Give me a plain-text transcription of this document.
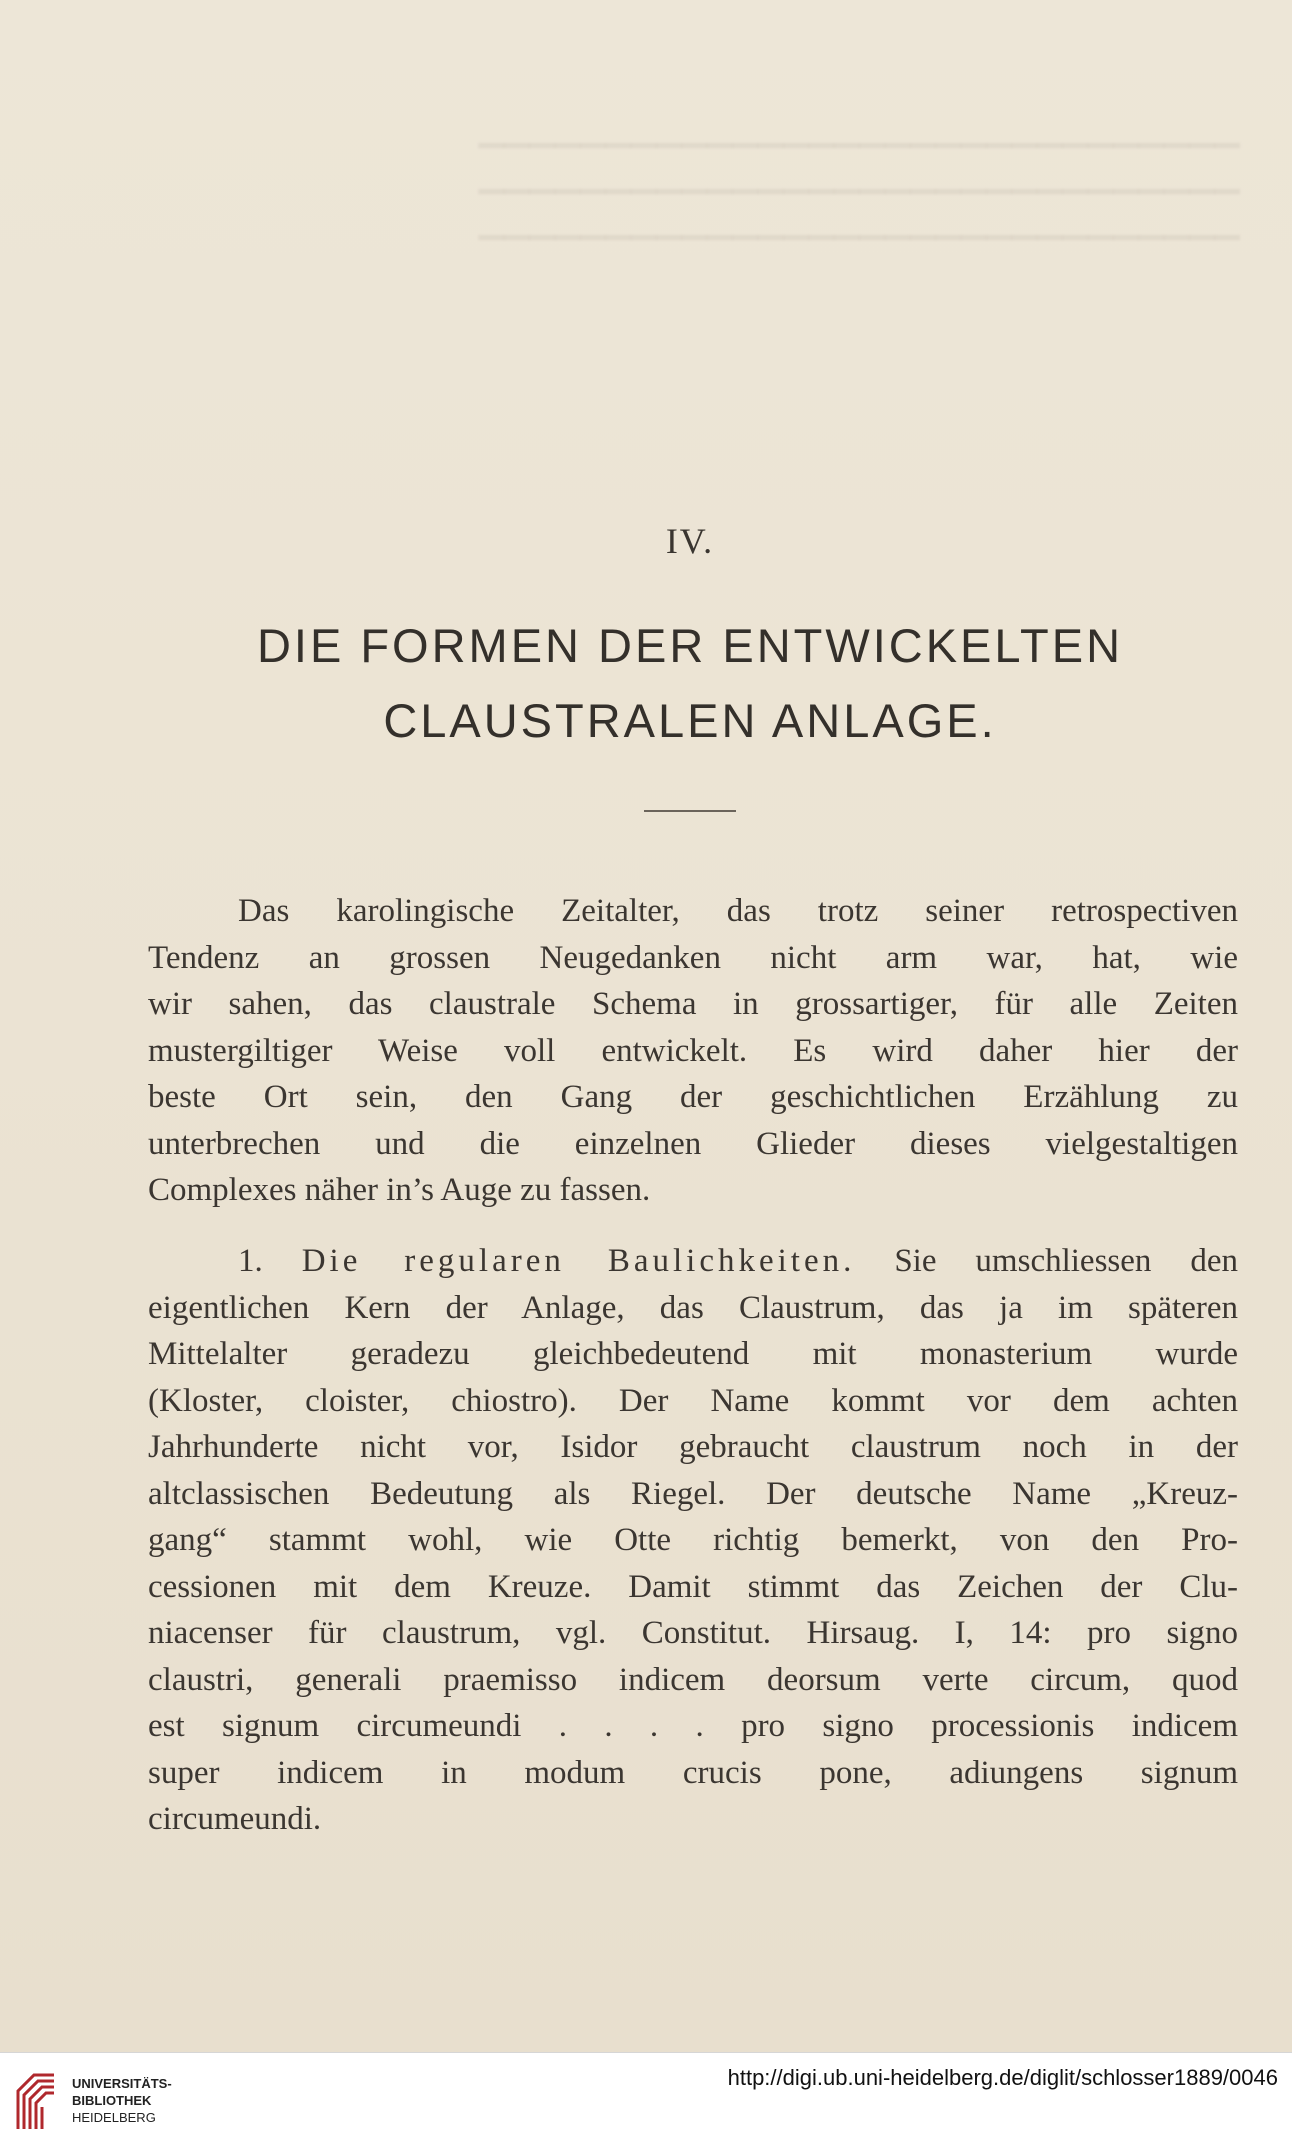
▔▔▔▔▔▔▔▔▔▔▔▔▔▔▔▔▔▔▔▔▔▔▔▔▔▔▔▔▔▔
▔▔▔▔▔▔▔▔▔▔▔▔▔▔▔▔▔▔▔▔▔▔▔▔▔▔▔▔▔▔
▔▔▔▔▔▔▔▔▔▔▔▔▔▔▔▔▔▔▔▔▔▔▔▔▔▔▔▔▔▔
IV.
DIE FORMEN DER ENTWICKELTEN
CLAUSTRALEN ANLAGE.
Das karolingische Zeitalter, das trotz seiner retrospectiven
Tendenz an grossen Neugedanken nicht arm war, hat, wie
wir sahen, das claustrale Schema in grossartiger, für alle Zeiten
mustergiltiger Weise voll entwickelt. Es wird daher hier der
beste Ort sein, den Gang der geschichtlichen Erzählung zu
unterbrechen und die einzelnen Glieder dieses vielgestaltigen
Complexes näher in’s Auge zu fassen.
1. Die regularen Baulichkeiten. Sie umschliessen den
eigentlichen Kern der Anlage, das Claustrum, das ja im späteren
Mittelalter geradezu gleichbedeutend mit monasterium wurde
(Kloster, cloister, chiostro). Der Name kommt vor dem achten
Jahrhunderte nicht vor, Isidor gebraucht claustrum noch in der
altclassischen Bedeutung als Riegel. Der deutsche Name „Kreuz-
gang“ stammt wohl, wie Otte richtig bemerkt, von den Pro-
cessionen mit dem Kreuze. Damit stimmt das Zeichen der Clu-
niacenser für claustrum, vgl. Constitut. Hirsaug. I, 14: pro signo
claustri, generali praemisso indicem deorsum verte circum, quod
est signum circumeundi . . . . pro signo processionis indicem
super indicem in modum crucis pone, adiungens signum
circumeundi.
UNIVERSITÄTS-
BIBLIOTHEK
HEIDELBERG
http://digi.ub.uni-heidelberg.de/diglit/schlosser1889/0046
